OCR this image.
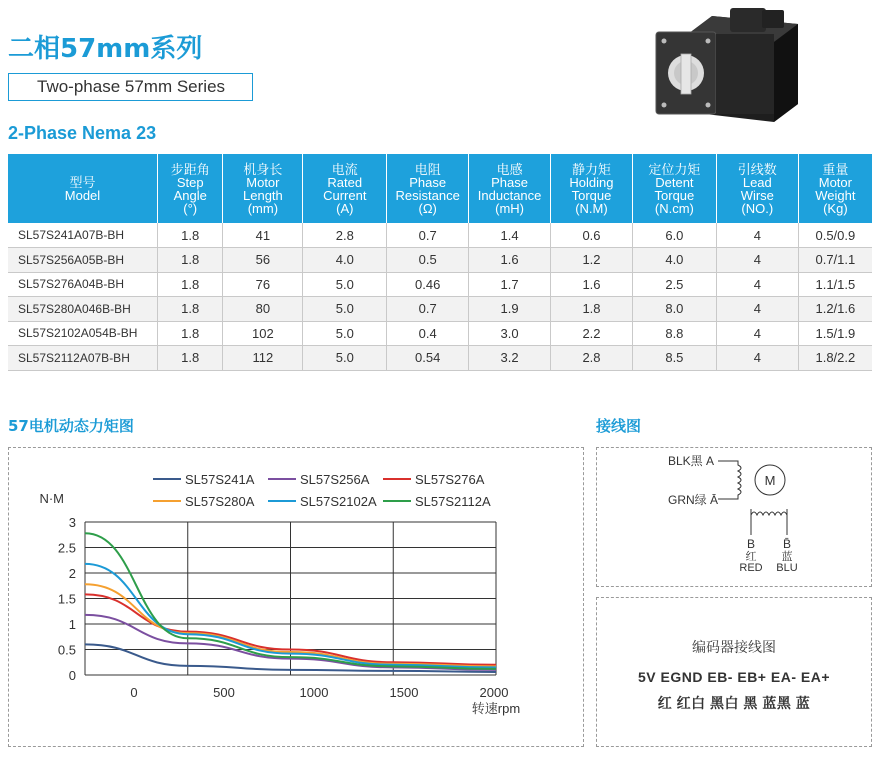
二相57mm系列
Two-phase 57mm Series
2-Phase Nema 23
型号
Model	步距角
Step
Angle
(°)	机身长
Motor
Length
(mm)	电流
Rated
Current
(A)	电阻
Phase
Resistance
(Ω)	电感
Phase
Inductance
(mH)	静力矩
Holding
Torque
(N.M)	定位力矩
Detent
Torque
(N.cm)	引线数
Lead
Wirse
(NO.)	重量
Motor
Weight
(Kg)

SL57S241A07B-BH	1.8	41	2.8	0.7	1.4	0.6	6.0	4	0.5/0.9
SL57S256A05B-BH	1.8	56	4.0	0.5	1.6	1.2	4.0	4	0.7/1.1
SL57S276A04B-BH	1.8	76	5.0	0.46	1.7	1.6	2.5	4	1.1/1.5
SL57S280A046B-BH	1.8	80	5.0	0.7	1.9	1.8	8.0	4	1.2/1.6
SL57S2102A054B-BH	1.8	102	5.0	0.4	3.0	2.2	8.8	4	1.5/1.9
SL57S2112A07B-BH	1.8	112	5.0	0.54	3.2	2.8	8.5	4	1.8/2.2
57电机动态力矩图	接线图
0
0.5
1
1.5
2
2.5
3
0	500	1000	1500	2000
N·M
转速rpm
SL57S241A	SL57S256A	SL57S276A
SL57S280A	SL57S2102A	SL57S2112A
BLK黑 A
GRN绿 Ā
M
B B̄
红 蓝
RED BLU
编码器接线图
5V EGND EB- EB+ EA- EA+
红 红白 黑白 黑 蓝黑 蓝
